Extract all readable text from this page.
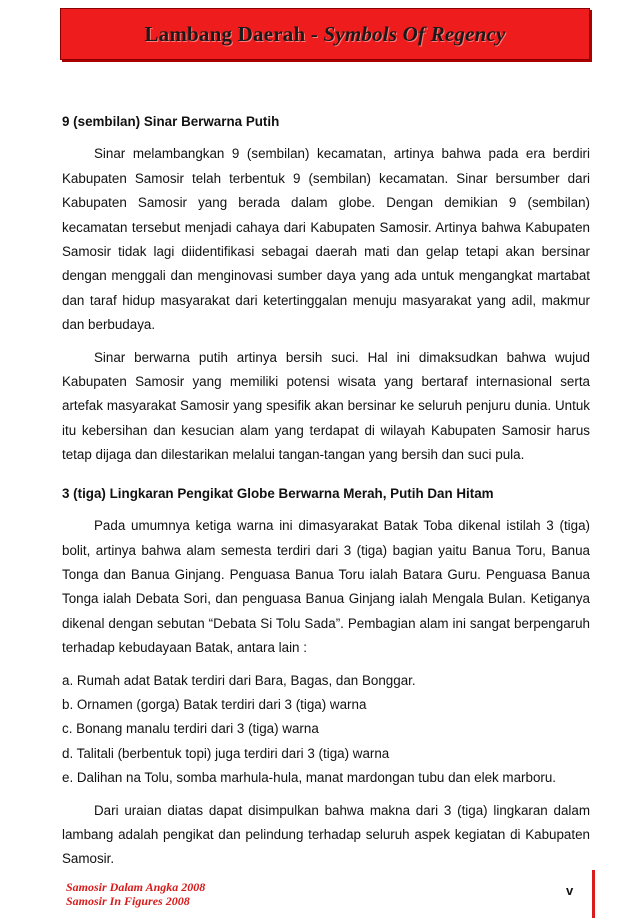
Lambang Daerah - Symbols Of Regency
9 (sembilan) Sinar Berwarna Putih

Sinar melambangkan 9 (sembilan) kecamatan, artinya bahwa pada era berdiri Kabupaten Samosir telah terbentuk 9 (sembilan) kecamatan. Sinar bersumber dari Kabupaten Samosir yang berada dalam globe. Dengan demikian 9 (sembilan) kecamatan tersebut menjadi cahaya dari Kabupaten Samosir. Artinya bahwa Kabupaten Samosir tidak lagi diidentifikasi sebagai daerah mati dan gelap tetapi akan bersinar dengan menggali dan menginovasi sumber daya yang ada untuk mengangkat martabat dan taraf hidup masyarakat dari ketertinggalan menuju masyarakat yang adil, makmur dan berbudaya.

Sinar berwarna putih artinya bersih suci. Hal ini dimaksudkan bahwa wujud Kabupaten Samosir yang memiliki potensi wisata yang bertaraf internasional serta artefak masyarakat Samosir yang spesifik akan bersinar ke seluruh penjuru dunia. Untuk itu kebersihan dan kesucian alam yang terdapat di wilayah Kabupaten Samosir harus tetap dijaga dan dilestarikan melalui tangan-tangan yang bersih dan suci pula.

3 (tiga) Lingkaran Pengikat Globe Berwarna Merah, Putih Dan Hitam

Pada umumnya ketiga warna ini dimasyarakat Batak Toba dikenal istilah 3 (tiga) bolit, artinya bahwa alam semesta terdiri dari 3 (tiga) bagian yaitu Banua Toru, Banua Tonga dan Banua Ginjang. Penguasa Banua Toru ialah Batara Guru. Penguasa Banua Tonga ialah Debata Sori, dan penguasa Banua Ginjang ialah Mengala Bulan. Ketiganya dikenal dengan sebutan “Debata Si Tolu Sada”. Pembagian alam ini sangat berpengaruh terhadap kebudayaan Batak, antara lain :

a. Rumah adat Batak terdiri dari Bara, Bagas, dan Bonggar.
b. Ornamen (gorga) Batak terdiri dari 3 (tiga) warna
c. Bonang manalu terdiri dari 3 (tiga) warna
d. Talitali (berbentuk topi) juga terdiri dari 3 (tiga) warna
e. Dalihan na Tolu, somba marhula-hula, manat mardongan tubu dan elek marboru.

Dari uraian diatas dapat disimpulkan bahwa makna dari 3 (tiga) lingkaran dalam lambang adalah pengikat dan pelindung terhadap seluruh aspek kegiatan di Kabupaten Samosir.

Samosir Dalam Angka 2008
Samosir In Figures 2008
v
